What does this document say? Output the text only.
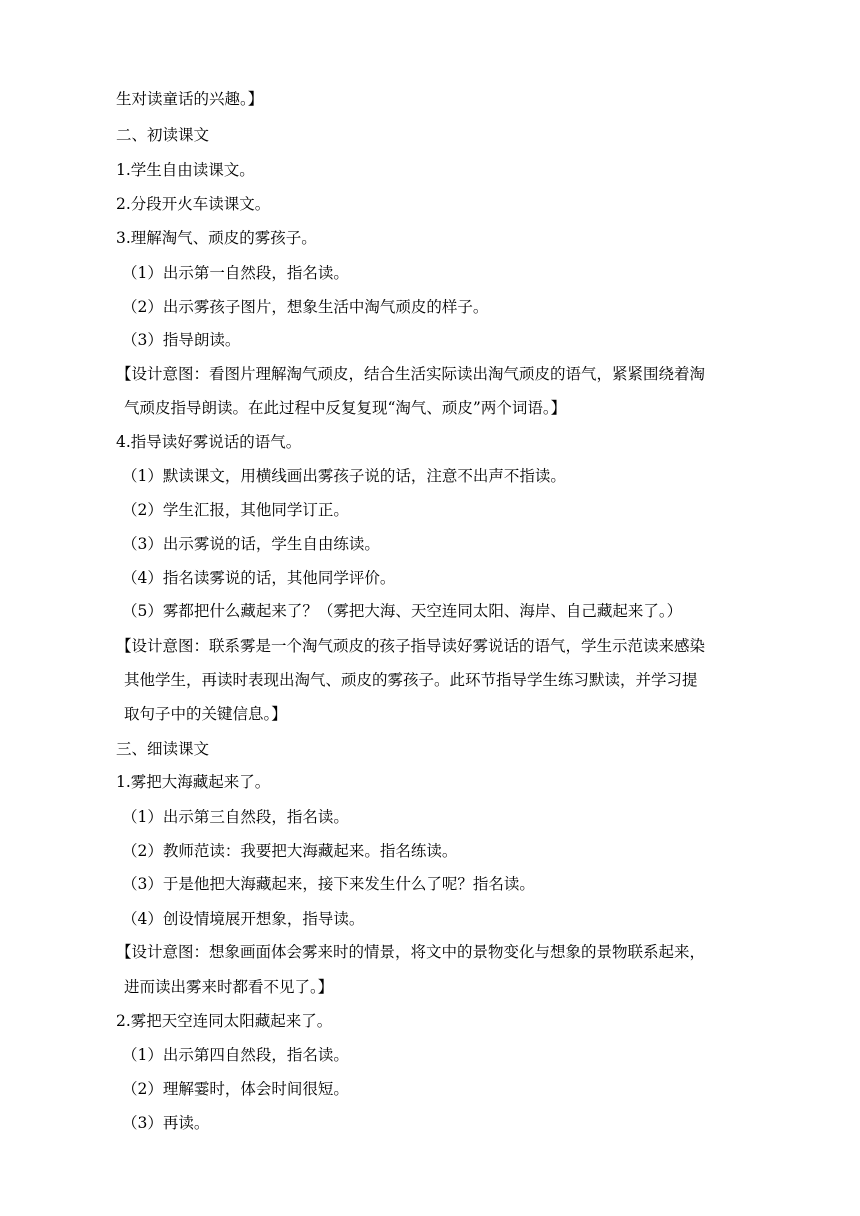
生对读童话的兴趣。】
二、初读课文
1.学生自由读课文。
2.分段开火车读课文。
3.理解淘气、顽皮的雾孩子。
（1）出示第一自然段，指名读。
（2）出示雾孩子图片，想象生活中淘气顽皮的样子。
（3）指导朗读。
【设计意图：看图片理解淘气顽皮，结合生活实际读出淘气顽皮的语气，紧紧围绕着淘
气顽皮指导朗读。在此过程中反复复现“淘气、顽皮”两个词语。】
4.指导读好雾说话的语气。
（1）默读课文，用横线画出雾孩子说的话，注意不出声不指读。
（2）学生汇报，其他同学订正。
（3）出示雾说的话，学生自由练读。
（4）指名读雾说的话，其他同学评价。
（5）雾都把什么藏起来了？（雾把大海、天空连同太阳、海岸、自己藏起来了。）
【设计意图：联系雾是一个淘气顽皮的孩子指导读好雾说话的语气，学生示范读来感染
其他学生，再读时表现出淘气、顽皮的雾孩子。此环节指导学生练习默读，并学习提
取句子中的关键信息。】
三、细读课文
1.雾把大海藏起来了。
（1）出示第三自然段，指名读。
（2）教师范读：我要把大海藏起来。指名练读。
（3）于是他把大海藏起来，接下来发生什么了呢？指名读。
（4）创设情境展开想象，指导读。
【设计意图：想象画面体会雾来时的情景，将文中的景物变化与想象的景物联系起来，
进而读出雾来时都看不见了。】
2.雾把天空连同太阳藏起来了。
（1）出示第四自然段，指名读。
（2）理解霎时，体会时间很短。
（3）再读。
